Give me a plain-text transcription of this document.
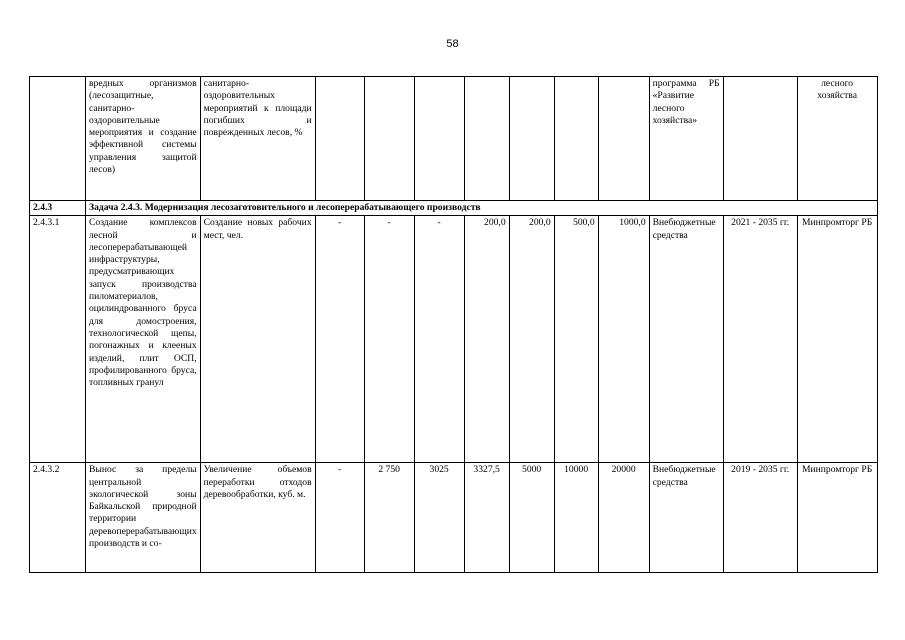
58
	вредных организмов (лесозащитные, санитарно-оздоровительные мероприятия и создание эффективной системы управления защитой лесов)	санитарно-оздоровительных мероприятий к площади погибших и поврежденных лесов, %								программа РБ «Развитие лесного хозяйства»		лесного хозяйства
2.4.3	Задача 2.4.3. Модернизация лесозаготовительного и лесоперерабатывающего производств											
2.4.3.1	Создание комплексов лесной и лесоперерабатывающей инфраструктуры, предусматривающих запуск производства пиломатериалов, оцилиндрованного бруса для домостроения, технологической щепы, погонажных и клееных изделий, плит ОСП, профилированного бруса, топливных гранул	Создание новых рабочих мест, чел.	-	-	-	200,0	200,0	500,0	1000,0	Внебюджетные средства	2021 - 2035 гг.	Минпромторг РБ
2.4.3.2	Вынос за пределы центральной экологической зоны Байкальской природной территории деревоперерабатывающих производств и со-	Увеличение объемов переработки отходов деревообработки, куб. м.	-	2 750	3025	3327,5	5000	10000	20000	Внебюджетные средства	2019 - 2035 гг.	Минпромторг РБ
